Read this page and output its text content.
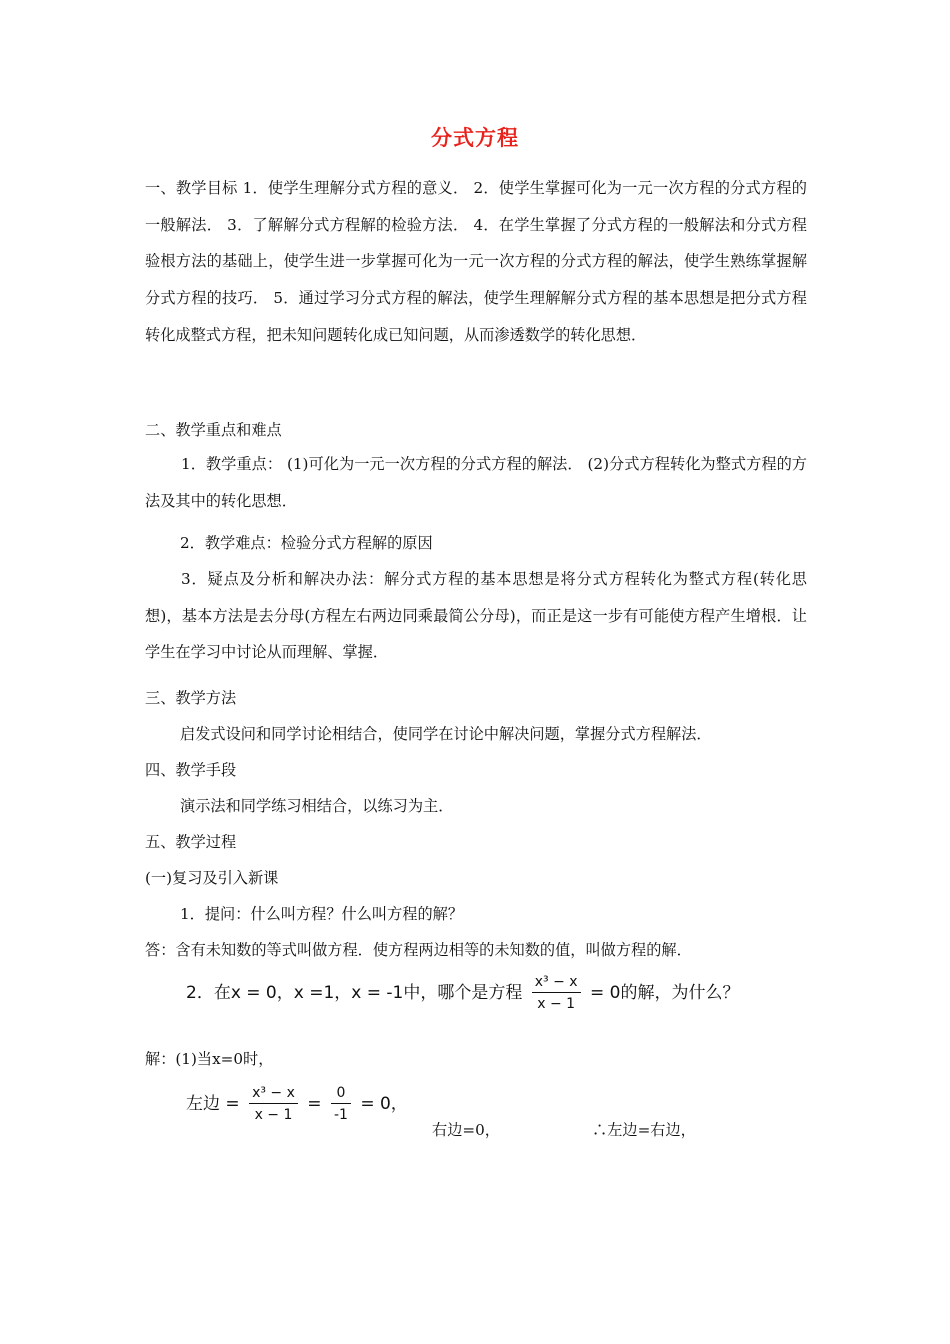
分式方程
一、教学目标 1．使学生理解分式方程的意义． 2．使学生掌握可化为一元一次方程的分式方程的一般解法． 3．了解解分式方程解的检验方法． 4．在学生掌握了分式方程的一般解法和分式方程验根方法的基础上，使学生进一步掌握可化为一元一次方程的分式方程的解法，使学生熟练掌握解分式方程的技巧． 5．通过学习分式方程的解法，使学生理解解分式方程的基本思想是把分式方程转化成整式方程，把未知问题转化成已知问题，从而渗透数学的转化思想．
二、教学重点和难点
1．教学重点： (1)可化为一元一次方程的分式方程的解法． (2)分式方程转化为整式方程的方法及其中的转化思想．
2．教学难点：检验分式方程解的原因
3．疑点及分析和解决办法：解分式方程的基本思想是将分式方程转化为整式方程(转化思想)，基本方法是去分母(方程左右两边同乘最简公分母)，而正是这一步有可能使方程产生增根．让学生在学习中讨论从而理解、掌握．
三、教学方法
启发式设问和同学讨论相结合，使同学在讨论中解决问题，掌握分式方程解法．
四、教学手段
演示法和同学练习相结合，以练习为主．
五、教学过程
(一)复习及引入新课
1．提问：什么叫方程？什么叫方程的解？
答：含有未知数的等式叫做方程．使方程两边相等的未知数的值，叫做方程的解．
2．在x = 0，x =1，x = -1中，哪个是方程 $\frac{\text{x³ − x}}{x - 1} = 0$的解，为什么？
解：(1)当x=0时，
左边 = $\frac{\text{x³ − x}}{x - 1} = \frac{0}{-1} = 0$，
右边=0，	∴左边=右边，
